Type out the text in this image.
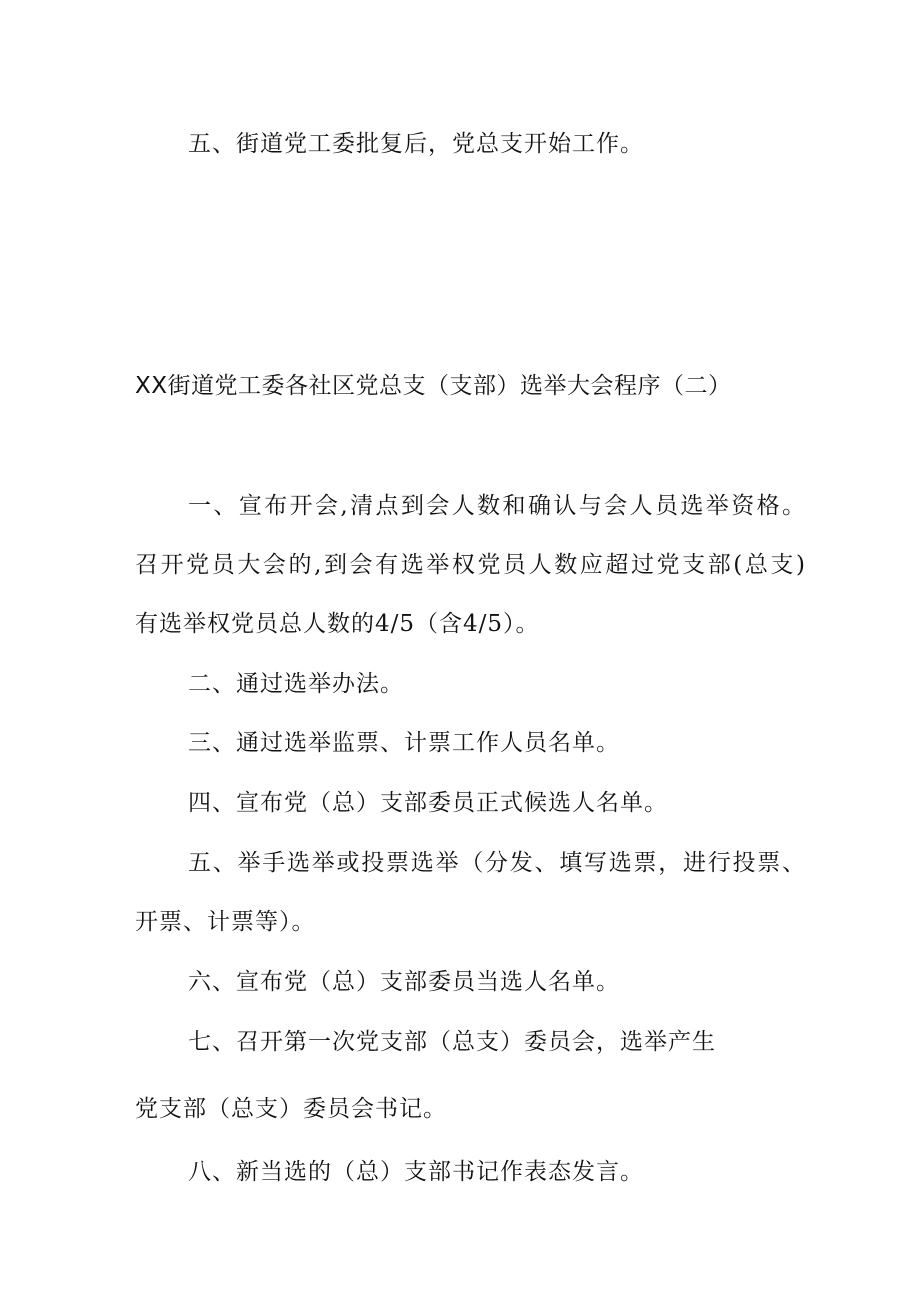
五、街道党工委批复后，党总支开始工作。
XX街道党工委各社区党总支（支部）选举大会程序（二）
一、宣布开会,清点到会人数和确认与会人员选举资格。
召开党员大会的,到会有选举权党员人数应超过党支部(总支)
有选举权党员总人数的4/5（含4/5）。
二、通过选举办法。
三、通过选举监票、计票工作人员名单。
四、宣布党（总）支部委员正式候选人名单。
五、举手选举或投票选举（分发、填写选票，进行投票、
开票、计票等）。
六、宣布党（总）支部委员当选人名单。
七、召开第一次党支部（总支）委员会，选举产生
党支部（总支）委员会书记。
八、新当选的（总）支部书记作表态发言。
